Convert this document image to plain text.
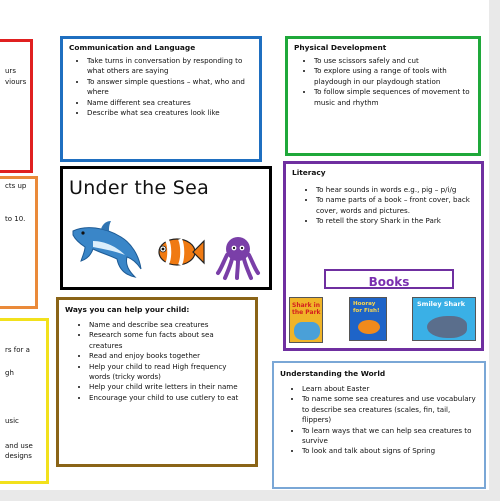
urs

viours

cts up

to 10.

rs for a

gh

usic

and use

designs

Communication and Language

• Take turns in conversation by responding to what others are saying
• To answer simple questions – what, who and where
• Name different sea creatures
• Describe what sea creatures look like

Physical Development

• To use scissors safely and cut
• To explore using a range of tools with playdough in our playdough station
• To follow simple sequences of movement to music and rhythm
Under the Sea

Literacy

• To hear sounds in words e.g., pig – p/i/g
• To name parts of a book – front cover, back cover, words and pictures.
• To retell the story Shark in the Park
Books
Shark in the Park
Hooray for Fish!
Smiley Shark

Ways you can help your child:

• Name and describe sea creatures
• Research some fun facts about sea creatures
• Read and enjoy books together
• Help your child to read High frequency words (tricky words)
• Help your child write letters in their name
• Encourage your child to use cutlery to eat

Understanding the World

• Learn about Easter
• To name some sea creatures and use vocabulary to describe sea creatures (scales, fin, tail, flippers)
• To learn ways that we can help sea creatures to survive
• To look and talk about signs of Spring
